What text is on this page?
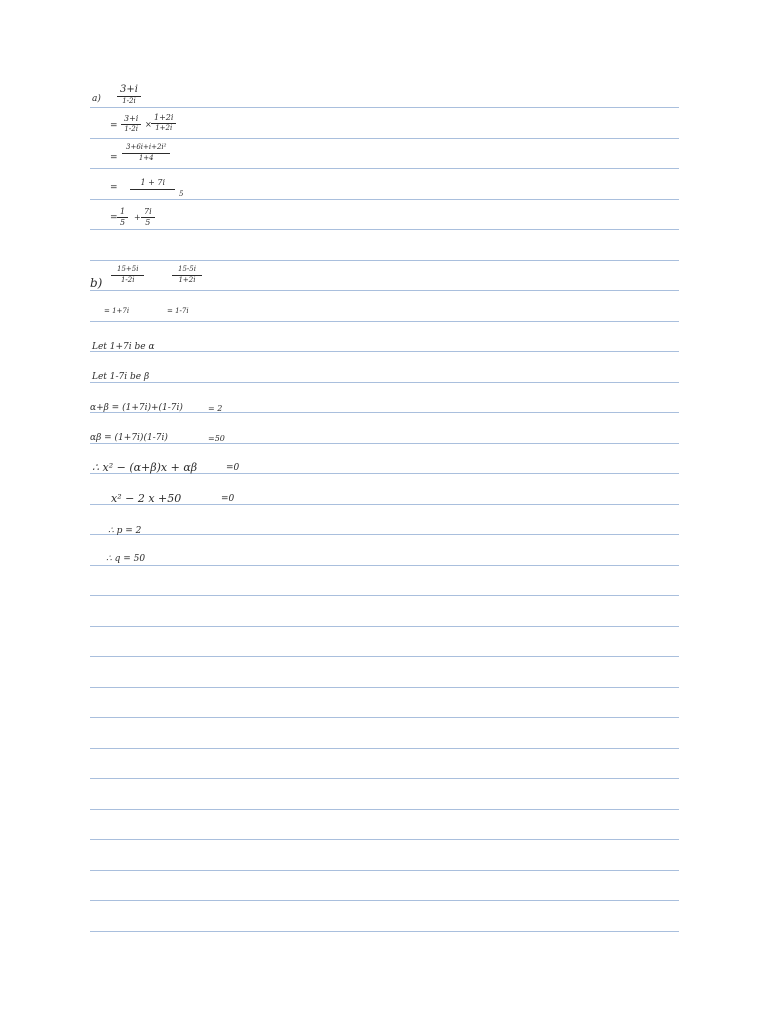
a)
3+i
1-2i
= $\frac{3+i}{1-2i} \times \frac{1+2i}{1+2i}$
= $\frac{\text{3+6i+i+2i²}}{1+4}$
= $\frac{1 + 7i}{5}$
= $\frac{1}{5} + \frac{7i}{5}$
$b) \frac{15+5i}{1-2i}$	$\frac{15-5i}{1+2i}$
= 1+7i	= 1-7i
Let 1+7i be α
Let 1-7i be β
α+β = (1+7i)+(1-7i)	= 2
αβ = (1+7i)(1-7i)	=50
∴ x² − (α+β)x + αβ	=0
x² − 2 x +50	=0
∴ p = 2
∴ q = 50
